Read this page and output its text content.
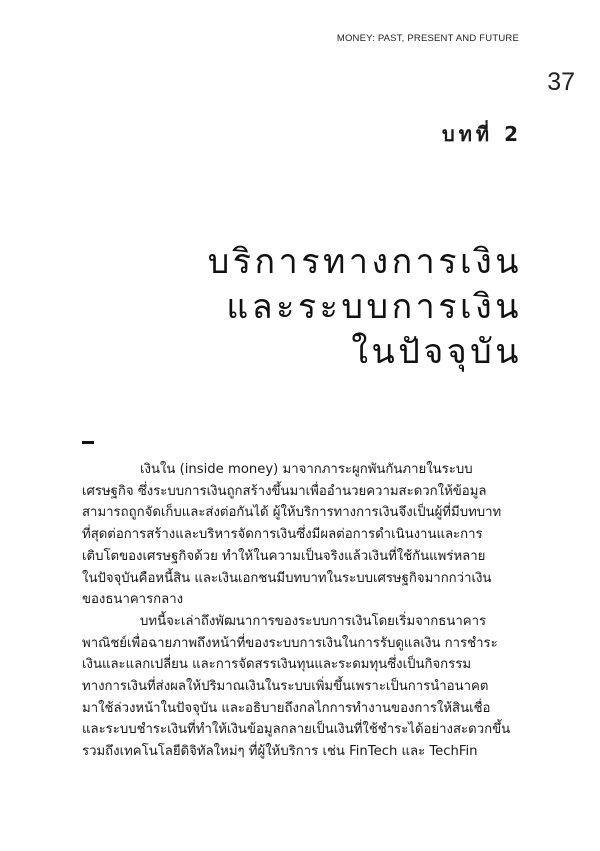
MONEY: PAST, PRESENT AND FUTURE
37
บทที่ 2
บริการทางการเงิน
และระบบการเงิน
ในปัจจุบัน
เงินใน (inside money) มาจากภาระผูกพันกันภายในระบบ
เศรษฐกิจ ซึ่งระบบการเงินถูกสร้างขึ้นมาเพื่ออำนวยความสะดวกให้ข้อมูล
สามารถถูกจัดเก็บและส่งต่อกันได้ ผู้ให้บริการทางการเงินจึงเป็นผู้ที่มีบทบาท
ที่สุดต่อการสร้างและบริหารจัดการเงินซึ่งมีผลต่อการดำเนินงานและการ
เติบโตของเศรษฐกิจด้วย ทำให้ในความเป็นจริงแล้วเงินที่ใช้กันแพร่หลาย
ในปัจจุบันคือหนี้สิน และเงินเอกชนมีบทบาทในระบบเศรษฐกิจมากกว่าเงิน
ของธนาคารกลาง
บทนี้จะเล่าถึงพัฒนาการของระบบการเงินโดยเริ่มจากธนาคาร
พาณิชย์เพื่อฉายภาพถึงหน้าที่ของระบบการเงินในการรับดูแลเงิน การชำระ
เงินและแลกเปลี่ยน และการจัดสรรเงินทุนและระดมทุนซึ่งเป็นกิจกรรม
ทางการเงินที่ส่งผลให้ปริมาณเงินในระบบเพิ่มขึ้นเพราะเป็นการนำอนาคต
มาใช้ล่วงหน้าในปัจจุบัน และอธิบายถึงกลไกการทำงานของการให้สินเชื่อ
และระบบชำระเงินที่ทำให้เงินข้อมูลกลายเป็นเงินที่ใช้ชำระได้อย่างสะดวกขึ้น
รวมถึงเทคโนโลยีดิจิทัลใหม่ๆ ที่ผู้ให้บริการ เช่น FinTech และ TechFin
